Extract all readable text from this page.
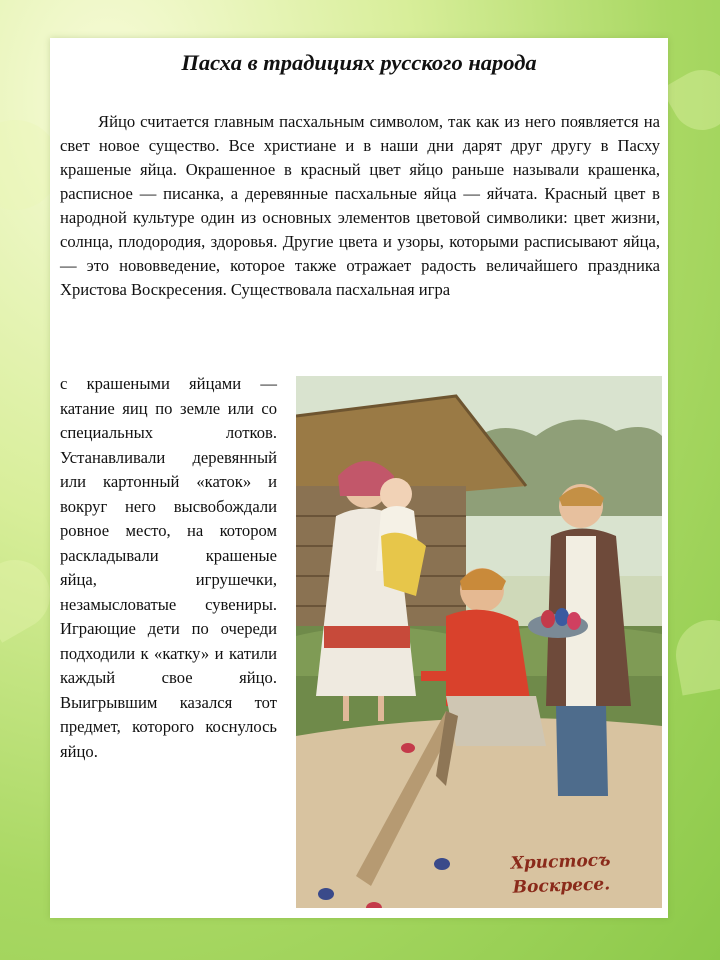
Пасха в традициях русского народа

Яйцо считается главным пасхальным символом, так как из него появляется на свет новое существо. Все христиане и в наши дни дарят друг другу в Пасху крашеные яйца. Окрашенное в красный цвет яйцо раньше называли крашенка, расписное — писанка, а деревянные пасхальные яйца — яйчата. Красный цвет в народной культуре один из основных элементов цветовой символики: цвет жизни, солнца, плодородия, здоровья. Другие цвета и узоры, которыми расписывают яйца, — это нововведение, которое также отражает радость величайшего праздника Христова Воскресения. Существовала пасхальная игра

с крашеными яйцами — катание яиц по земле или со специальных лотков. Устанавливали деревянный или картонный «каток» и вокруг него высвобождали ровное место, на котором раскладывали крашеные яйца, игрушечки, незамысловатые сувениры. Играющие дети по очереди подходили к «катку» и катили каждый свое яйцо. Выигрывшим казался тот предмет, которого коснулось яйцо.

Христосъ
Воскресе.
